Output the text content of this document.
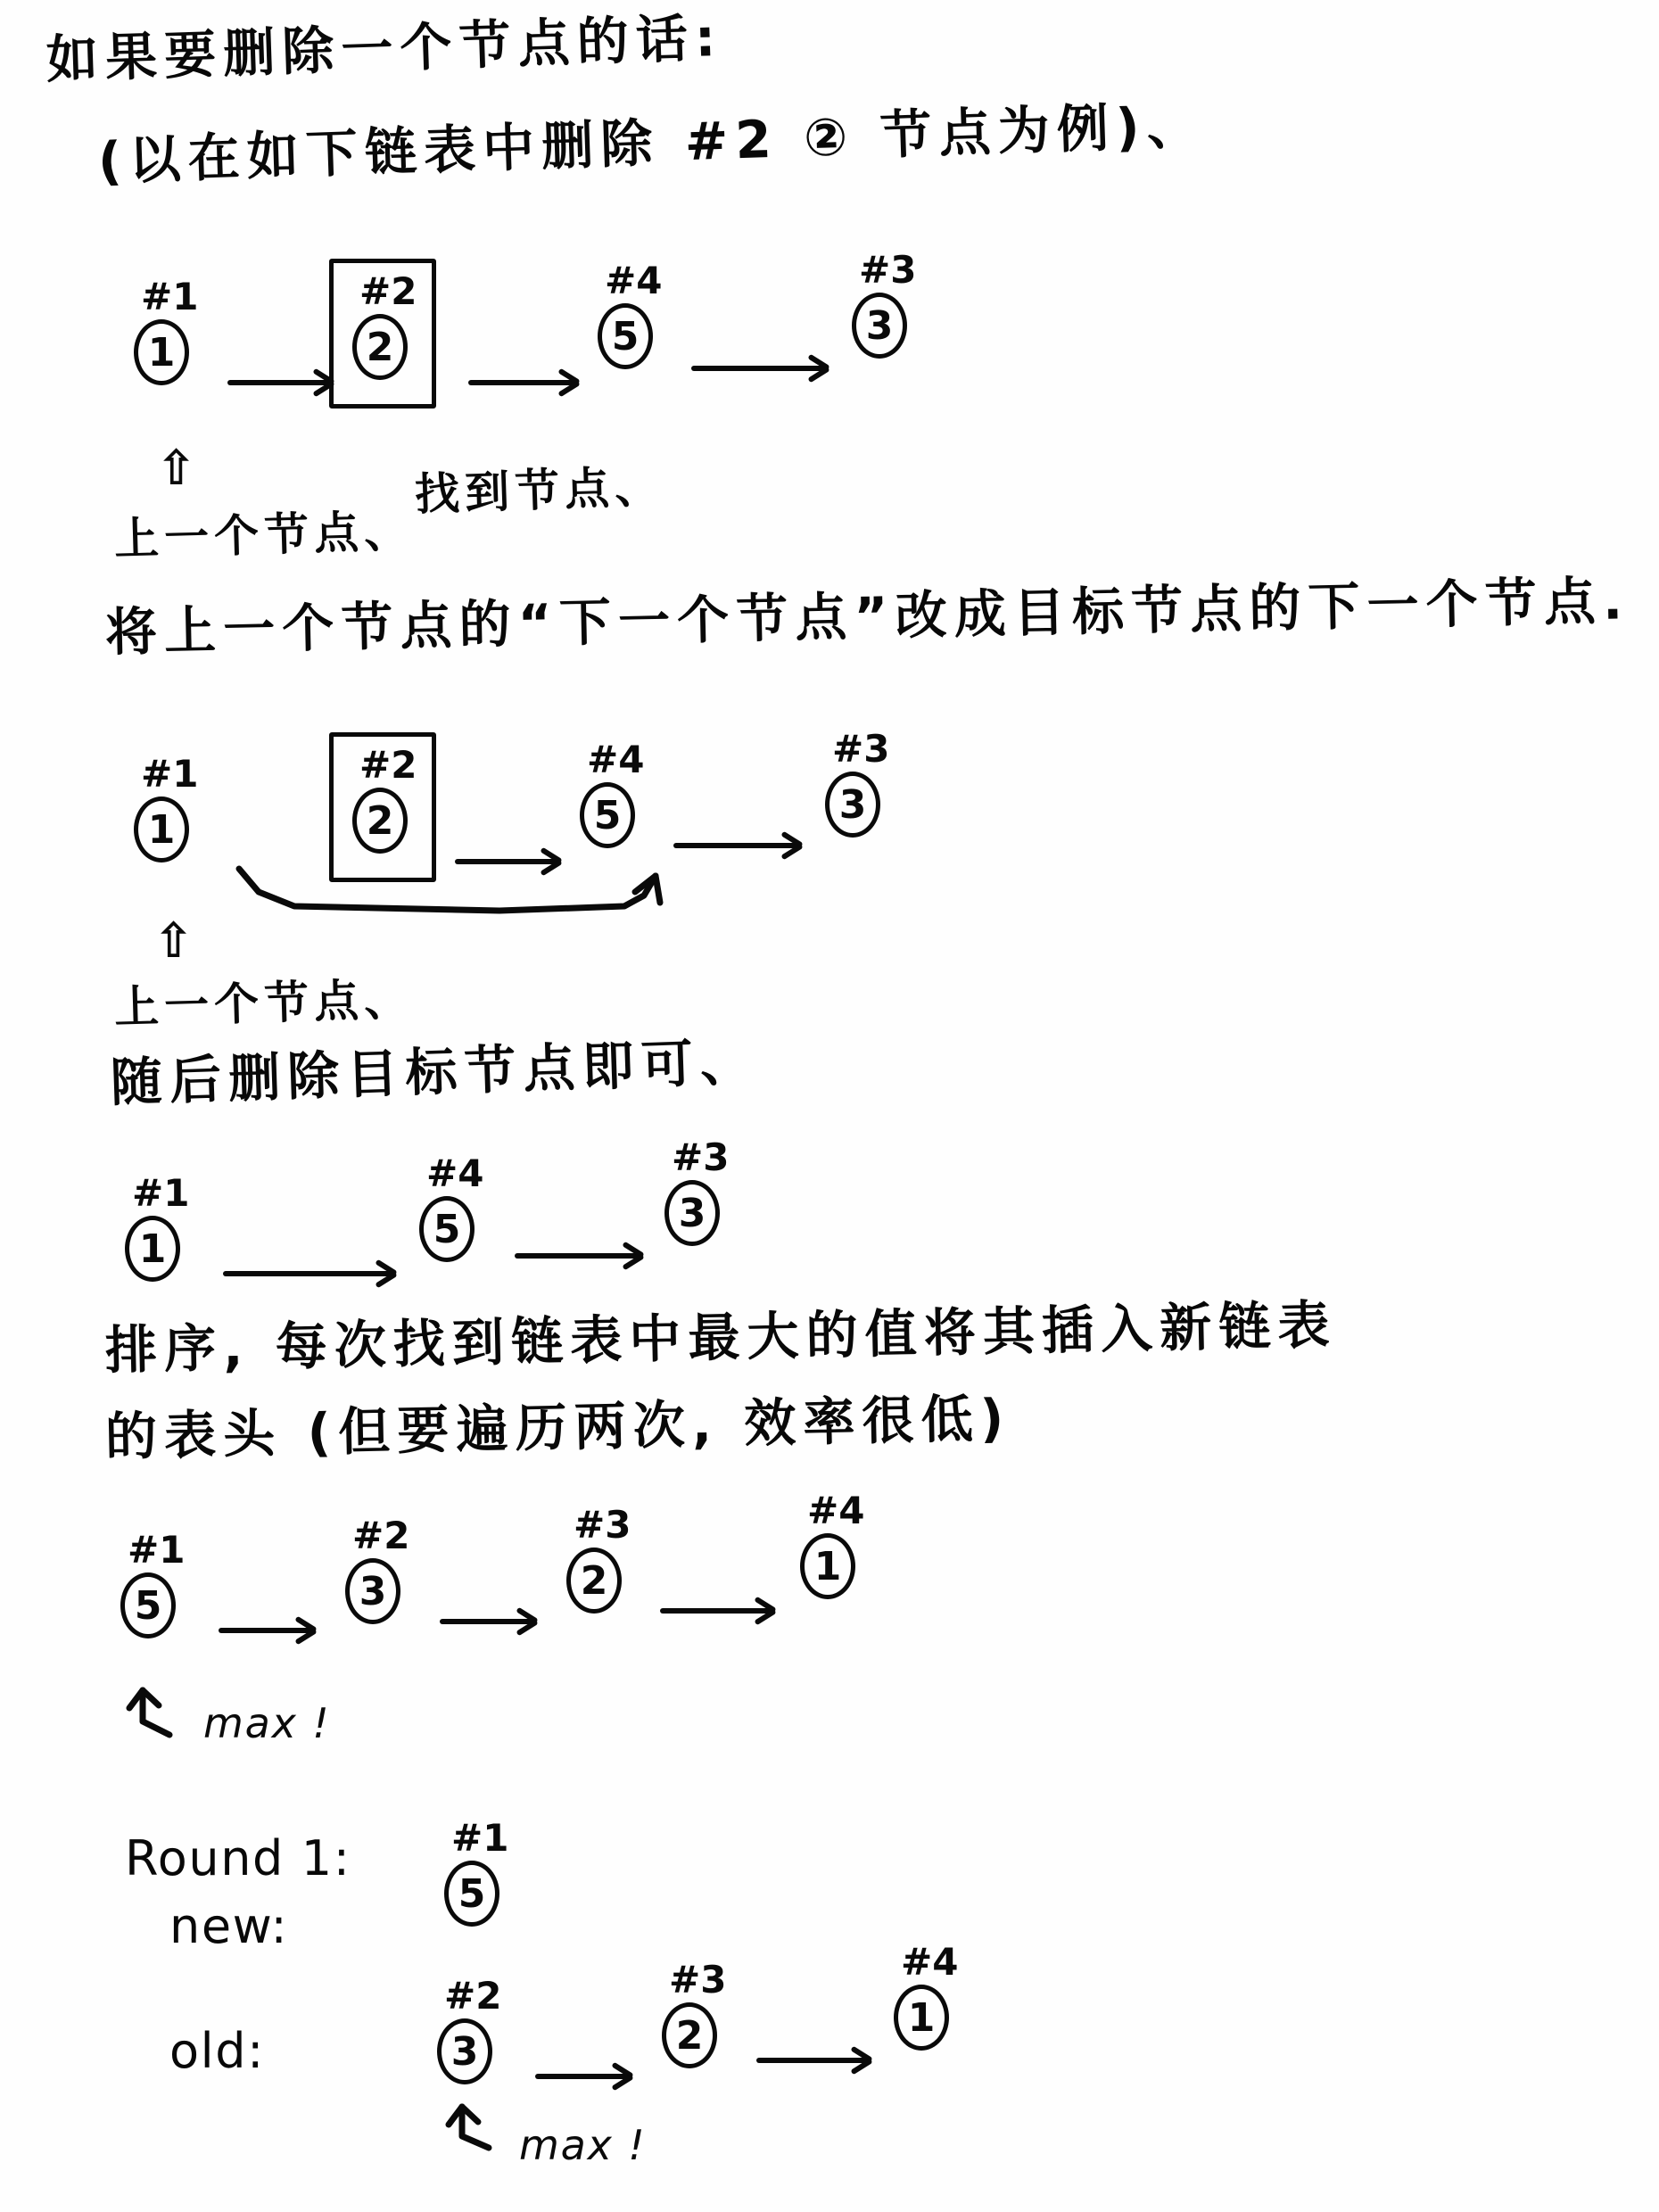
如果要删除一个节点的话:
(以在如下链表中删除 #2 ② 节点为例)、
#1
1
#2
2
#4
5
#3
3
⇧
上一个节点、
找到节点、
将上一个节点的“下一个节点”改成目标节点的下一个节点.
#1
1
#2
2
#4
5
#3
3
⇧
上一个节点、
随后删除目标节点即可、
#1
1
#4
5
#3
3
排序, 每次找到链表中最大的值将其插入新链表
的表头 (但要遍历两次, 效率很低)
#1
5
#2
3
#3
2
#4
1
max !
Round 1:
new:
#1
5
old:
#2
3
#3
2
#4
1
max !
